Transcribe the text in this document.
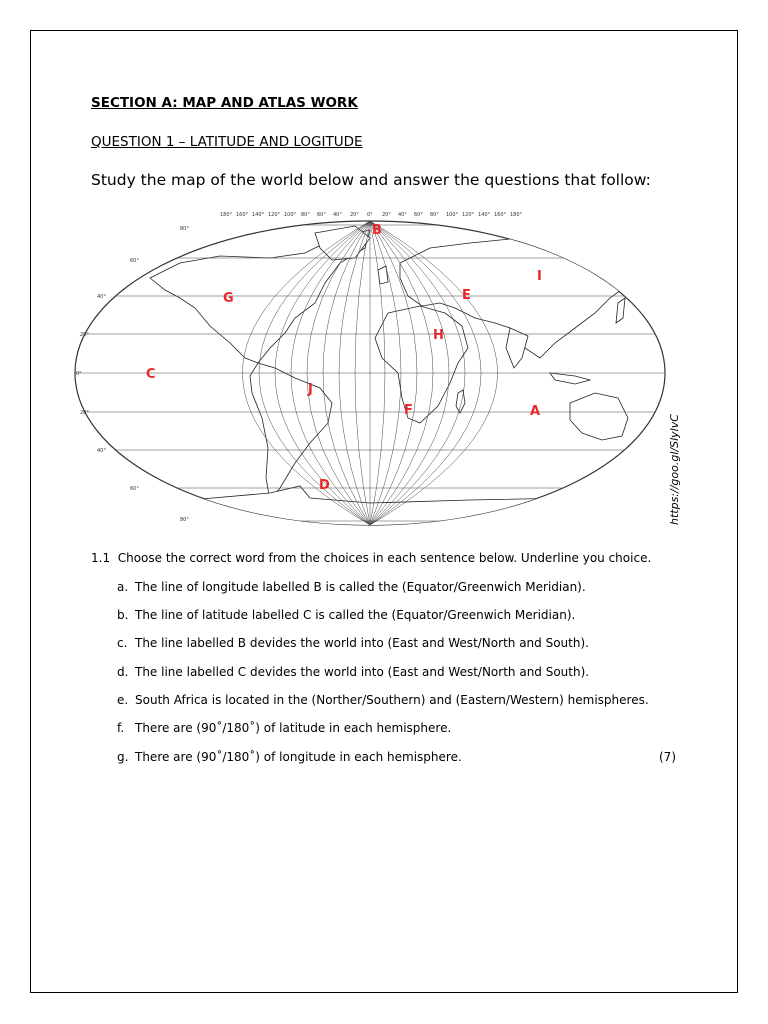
SECTION A: MAP AND ATLAS WORK
QUESTION 1 – LATITUDE AND LOGITUDE
Study the map of the world below and answer the questions that follow:
180° 160° 140° 120° 100° 80° 60° 40° 20° 0° 20° 40° 60° 80° 100° 120° 140° 160° 180°
80°
60°
40°
20°
0°
20°
40°
60°
80°
B
I
G	E
H
C
J
F	A
D	https://goo.gl/SlylvC
1.1 Choose the correct word from the choices in each sentence below. Underline you choice.
a. The line of longitude labelled B is called the (Equator/Greenwich Meridian).
b. The line of latitude labelled C is called the (Equator/Greenwich Meridian).
c. The line labelled B devides the world into (East and West/North and South).
d. The line labelled C devides the world into (East and West/North and South).
e. South Africa is located in the (Norther/Southern) and (Eastern/Western) hemispheres.
f. There are (90˚/180˚) of latitude in each hemisphere.
g. There are (90˚/180˚) of longitude in each hemisphere.	(7)
